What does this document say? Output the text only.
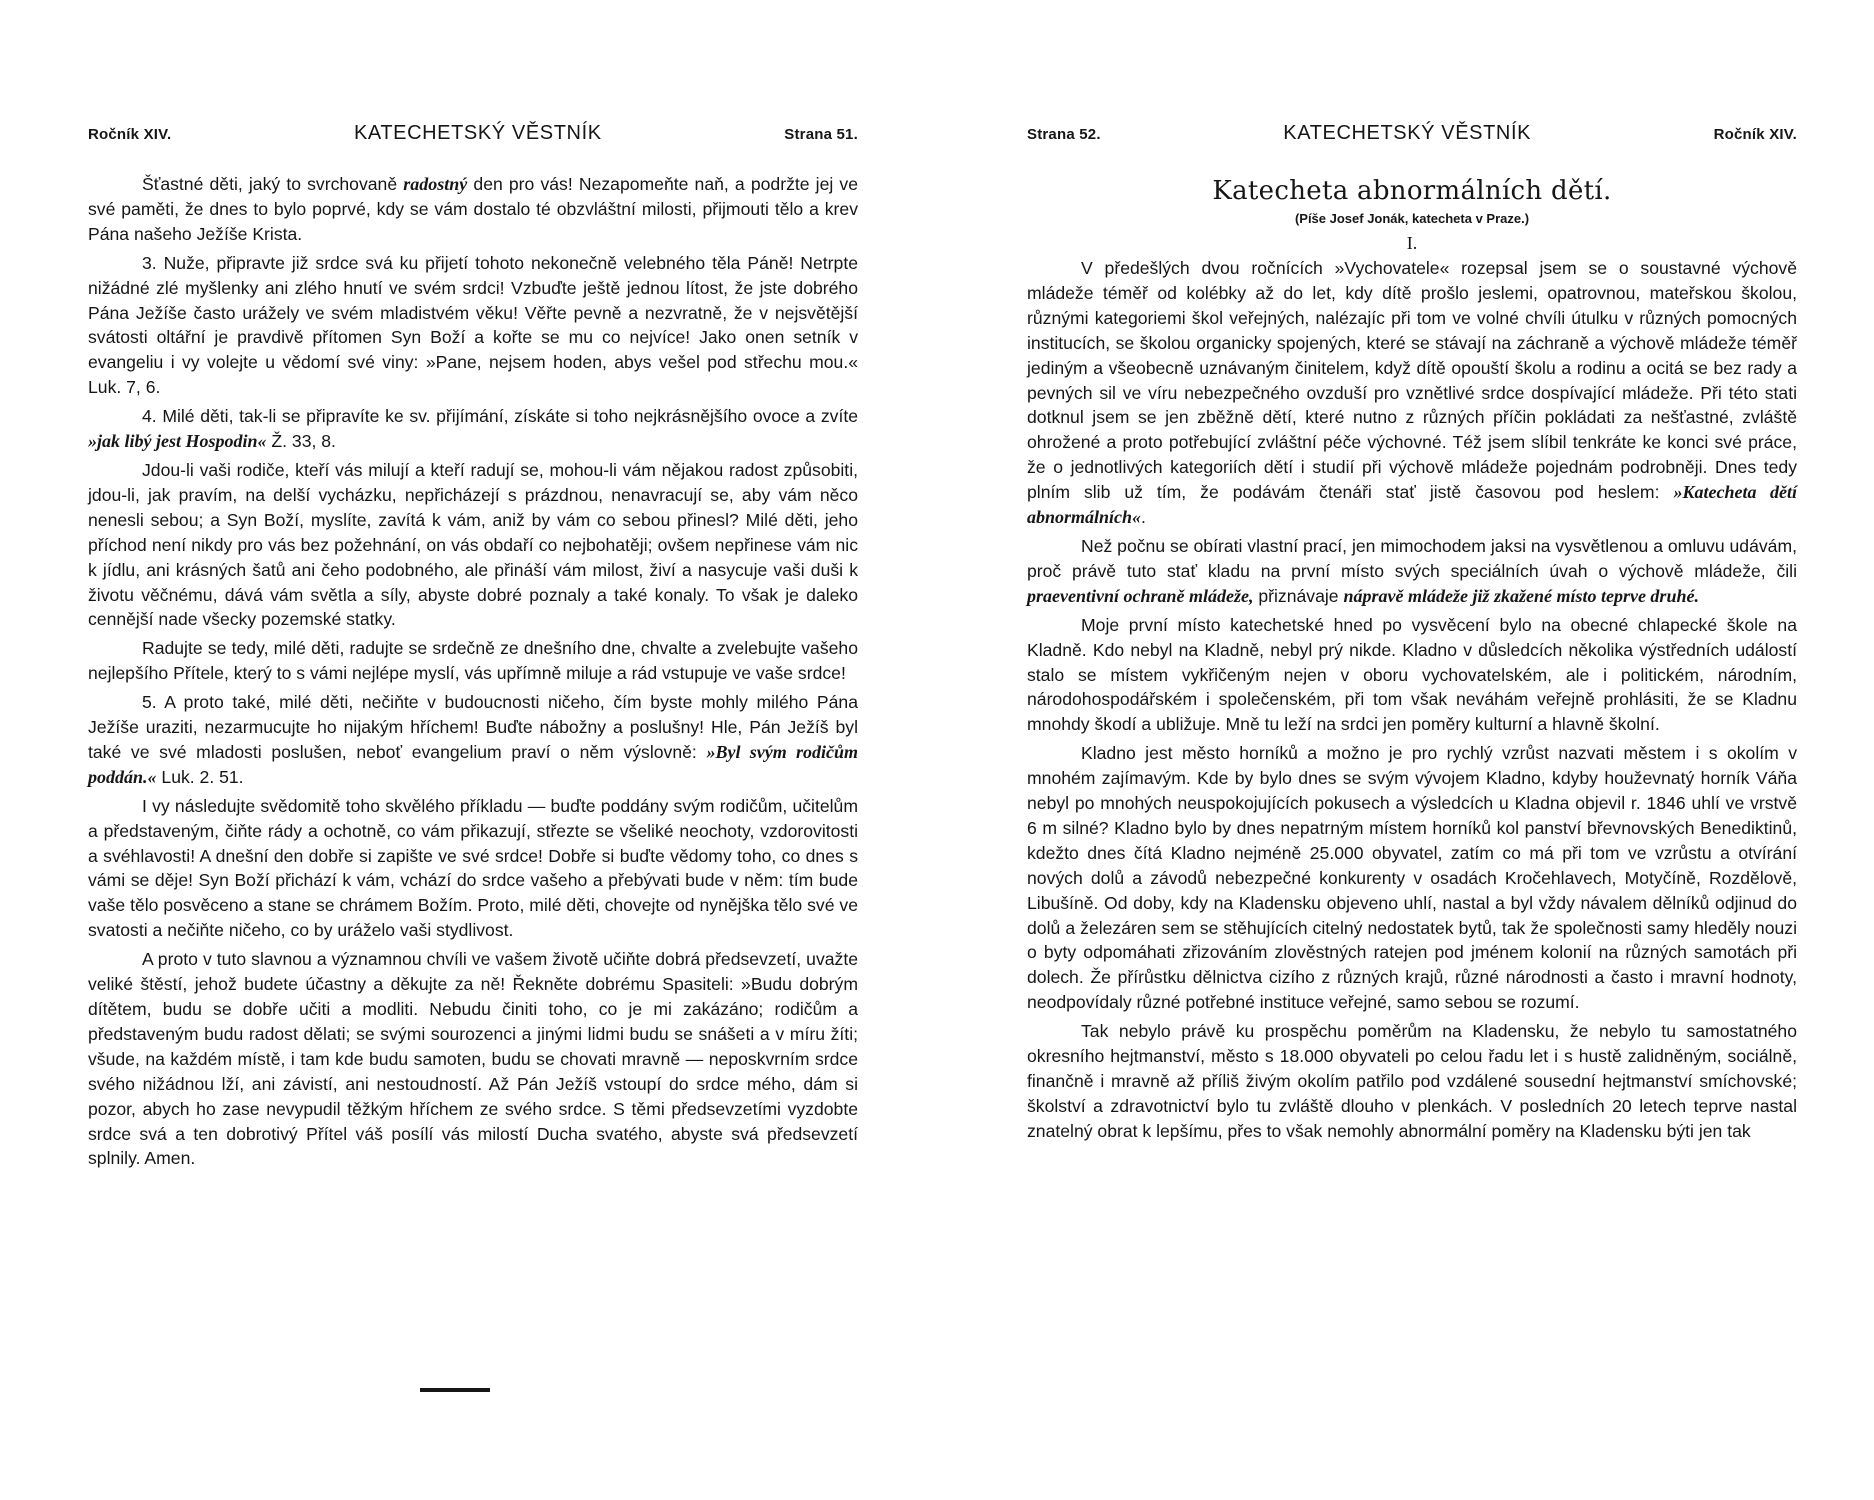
Ročník XIV.	KATECHETSKÝ VĚSTNÍK	Strana 51.

Šťastné děti, jaký to svrchovaně radostný den pro vás! Nezapomeňte naň, a podržte jej ve své paměti, že dnes to bylo poprvé, kdy se vám dostalo té obzvláštní milosti, přijmouti tělo a krev Pána našeho Ježíše Krista.

3. Nuže, připravte již srdce svá ku přijetí tohoto nekonečně velebného těla Páně! Netrpte nižádné zlé myšlenky ani zlého hnutí ve svém srdci! Vzbuďte ještě jednou lítost, že jste dobrého Pána Ježíše často urážely ve svém mladistvém věku! Věřte pevně a nezvratně, že v nejsvětější svátosti oltářní je pravdivě přítomen Syn Boží a kořte se mu co nejvíce! Jako onen setník v evangeliu i vy volejte u vědomí své viny: »Pane, nejsem hoden, abys vešel pod střechu mou.« Luk. 7, 6.

4. Milé děti, tak-li se připravíte ke sv. přijímání, získáte si toho nejkrásnějšího ovoce a zvíte »jak libý jest Hospodin« Ž. 33, 8.

Jdou-li vaši rodiče, kteří vás milují a kteří radují se, mohou-li vám nějakou radost způsobiti, jdou-li, jak pravím, na delší vycházku, nepřicházejí s prázdnou, nenavracují se, aby vám něco nenesli sebou; a Syn Boží, myslíte, zavítá k vám, aniž by vám co sebou přinesl? Milé děti, jeho příchod není nikdy pro vás bez požehnání, on vás obdaří co nejbohatěji; ovšem nepřinese vám nic k jídlu, ani krásných šatů ani čeho podobného, ale přináší vám milost, živí a nasycuje vaši duši k životu věčnému, dává vám světla a síly, abyste dobré poznaly a také konaly. To však je daleko cennější nade všecky pozemské statky.

Radujte se tedy, milé děti, radujte se srdečně ze dnešního dne, chvalte a zvelebujte vašeho nejlepšího Přítele, který to s vámi nejlépe myslí, vás upřímně miluje a rád vstupuje ve vaše srdce!

5. A proto také, milé děti, nečiňte v budoucnosti ničeho, čím byste mohly milého Pána Ježíše uraziti, nezarmucujte ho nijakým hříchem! Buďte nábožny a poslušny! Hle, Pán Ježíš byl také ve své mladosti poslušen, neboť evangelium praví o něm výslovně: »Byl svým rodičům poddán.« Luk. 2. 51.

I vy následujte svědomitě toho skvělého příkladu — buďte poddány svým rodičům, učitelům a představeným, čiňte rády a ochotně, co vám přikazují, střezte se všeliké neochoty, vzdorovitosti a svéhlavosti! A dnešní den dobře si zapište ve své srdce! Dobře si buďte vědomy toho, co dnes s vámi se děje! Syn Boží přichází k vám, vchází do srdce vašeho a přebývati bude v něm: tím bude vaše tělo posvěceno a stane se chrámem Božím. Proto, milé děti, chovejte od nynějška tělo své ve svatosti a nečiňte ničeho, co by uráželo vaši stydlivost.

A proto v tuto slavnou a významnou chvíli ve vašem životě učiňte dobrá předsevzetí, uvažte veliké štěstí, jehož budete účastny a děkujte za ně! Řekněte dobrému Spasiteli: »Budu dobrým dítětem, budu se dobře učiti a modliti. Nebudu činiti toho, co je mi zakázáno; rodičům a představeným budu radost dělati; se svými sourozenci a jinými lidmi budu se snášeti a v míru žíti; všude, na každém místě, i tam kde budu samoten, budu se chovati mravně — neposkvrním srdce svého nižádnou lží, ani závistí, ani nestoudností. Až Pán Ježíš vstoupí do srdce mého, dám si pozor, abych ho zase nevypudil těžkým hříchem ze svého srdce. S těmi předsevzetími vyzdobte srdce svá a ten dobrotivý Přítel váš posílí vás milostí Ducha svatého, abyste svá předsevzetí splnily. Amen.

Strana 52.	KATECHETSKÝ VĚSTNÍK	Ročník XIV.
Katecheta abnormálních dětí.
(Píše Josef Jonák, katecheta v Praze.)
I.

V předešlých dvou ročnících »Vychovatele« rozepsal jsem se o soustavné výchově mládeže téměř od kolébky až do let, kdy dítě prošlo jeslemi, opatrovnou, mateřskou školou, různými kategoriemi škol veřejných, nalézajíc při tom ve volné chvíli útulku v různých pomocných institucích, se školou organicky spojených, které se stávají na záchraně a výchově mládeže téměř jediným a všeobecně uznávaným činitelem, když dítě opouští školu a rodinu a ocitá se bez rady a pevných sil ve víru nebezpečného ovzduší pro vznětlivé srdce dospívající mládeže. Při této stati dotknul jsem se jen zběžně dětí, které nutno z různých příčin pokládati za nešťastné, zvláště ohrožené a proto potřebující zvláštní péče výchovné. Též jsem slíbil tenkráte ke konci své práce, že o jednotlivých kategoriích dětí i studií při výchově mládeže pojednám podrobněji. Dnes tedy plním slib už tím, že podávám čtenáři stať jistě časovou pod heslem: »Katecheta dětí abnormálních«.

Než počnu se obírati vlastní prací, jen mimochodem jaksi na vysvětlenou a omluvu udávám, proč právě tuto stať kladu na první místo svých speciálních úvah o výchově mládeže, čili praeventivní ochraně mládeže, přiznávaje nápravě mládeže již zkažené místo teprve druhé.

Moje první místo katechetské hned po vysvěcení bylo na obecné chlapecké škole na Kladně. Kdo nebyl na Kladně, nebyl prý nikde. Kladno v důsledcích několika výstředních událostí stalo se místem vykřičeným nejen v oboru vychovatelském, ale i politickém, národním, národohospodářském i společenském, při tom však neváhám veřejně prohlásiti, že se Kladnu mnohdy škodí a ubližuje. Mně tu leží na srdci jen poměry kulturní a hlavně školní.

Kladno jest město horníků a možno je pro rychlý vzrůst nazvati městem i s okolím v mnohém zajímavým. Kde by bylo dnes se svým vývojem Kladno, kdyby houževnatý horník Váňa nebyl po mnohých neuspokojujících pokusech a výsledcích u Kladna objevil r. 1846 uhlí ve vrstvě 6 m silné? Kladno bylo by dnes nepatrným místem horníků kol panství břevnovských Benediktinů, kdežto dnes čítá Kladno nejméně 25.000 obyvatel, zatím co má při tom ve vzrůstu a otvírání nových dolů a závodů nebezpečné konkurenty v osadách Kročehlavech, Motyčíně, Rozdělově, Libušíně. Od doby, kdy na Kladensku objeveno uhlí, nastal a byl vždy návalem dělníků odjinud do dolů a železáren sem se stěhujících citelný nedostatek bytů, tak že společnosti samy hleděly nouzi o byty odpomáhati zřizováním zlověstných ratejen pod jménem kolonií na různých samotách při dolech. Že přírůstku dělnictva cizího z různých krajů, různé národnosti a často i mravní hodnoty, neodpovídaly různé potřebné instituce veřejné, samo sebou se rozumí.

Tak nebylo právě ku prospěchu poměrům na Kladensku, že nebylo tu samostatného okresního hejtmanství, město s 18.000 obyvateli po celou řadu let i s hustě zalidněným, sociálně, finančně i mravně až příliš živým okolím patřilo pod vzdálené sousední hejtmanství smíchovské; školství a zdravotnictví bylo tu zvláště dlouho v plenkách. V posledních 20 letech teprve nastal znatelný obrat k lepšímu, přes to však nemohly abnormální poměry na Kladensku býti jen tak
